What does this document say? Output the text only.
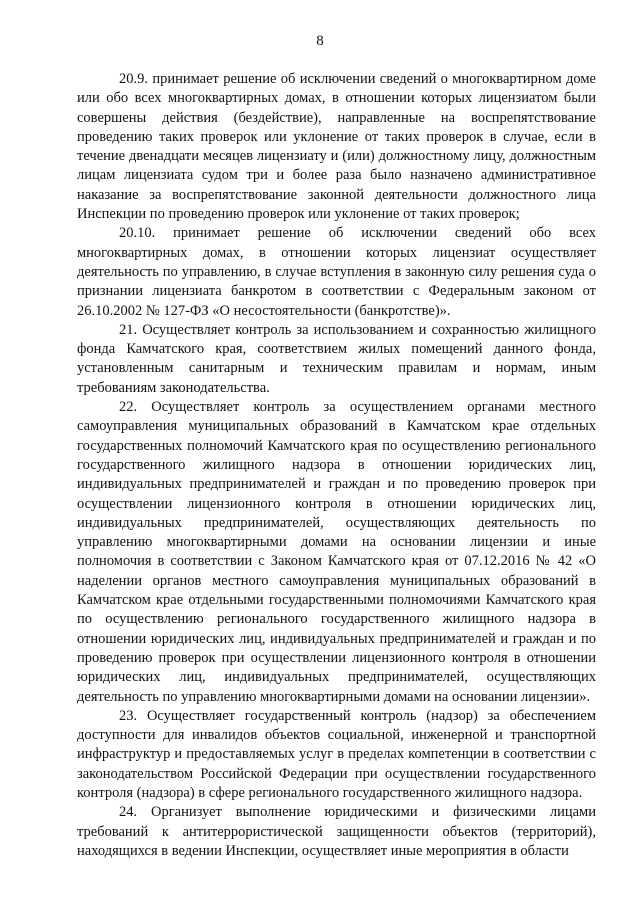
8

20.9. принимает решение об исключении сведений о многоквартирном доме или обо всех многоквартирных домах, в отношении которых лицензиатом были совершены действия (бездействие), направленные на воспрепятствование проведению таких проверок или уклонение от таких проверок в случае, если в течение двенадцати месяцев лицензиату и (или) должностному лицу, должностным лицам лицензиата судом три и более раза было назначено административное наказание за воспрепятствование законной деятельности должностного лица Инспекции по проведению проверок или уклонение от таких проверок;

20.10. принимает решение об исключении сведений обо всех многоквартирных домах, в отношении которых лицензиат осуществляет деятельность по управлению, в случае вступления в законную силу решения суда о признании лицензиата банкротом в соответствии с Федеральным законом от 26.10.2002 № 127-ФЗ «О несостоятельности (банкротстве)».

21. Осуществляет контроль за использованием и сохранностью жилищного фонда Камчатского края, соответствием жилых помещений данного фонда, установленным санитарным и техническим правилам и нормам, иным требованиям законодательства.

22. Осуществляет контроль за осуществлением органами местного самоуправления муниципальных образований в Камчатском крае отдельных государственных полномочий Камчатского края по осуществлению регионального государственного жилищного надзора в отношении юридических лиц, индивидуальных предпринимателей и граждан и по проведению проверок при осуществлении лицензионного контроля в отношении юридических лиц, индивидуальных предпринимателей, осуществляющих деятельность по управлению многоквартирными домами на основании лицензии и иные полномочия в соответствии с Законом Камчатского края от 07.12.2016 № 42 «О наделении органов местного самоуправления муниципальных образований в Камчатском крае отдельными государственными полномочиями Камчатского края по осуществлению регионального государственного жилищного надзора в отношении юридических лиц, индивидуальных предпринимателей и граждан и по проведению проверок при осуществлении лицензионного контроля в отношении юридических лиц, индивидуальных предпринимателей, осуществляющих деятельность по управлению многоквартирными домами на основании лицензии».

23. Осуществляет государственный контроль (надзор) за обеспечением доступности для инвалидов объектов социальной, инженерной и транспортной инфраструктур и предоставляемых услуг в пределах компетенции в соответствии с законодательством Российской Федерации при осуществлении государственного контроля (надзора) в сфере регионального государственного жилищного надзора.

24. Организует выполнение юридическими и физическими лицами требований к антитеррористической защищенности объектов (территорий), находящихся в ведении Инспекции, осуществляет иные мероприятия в области
